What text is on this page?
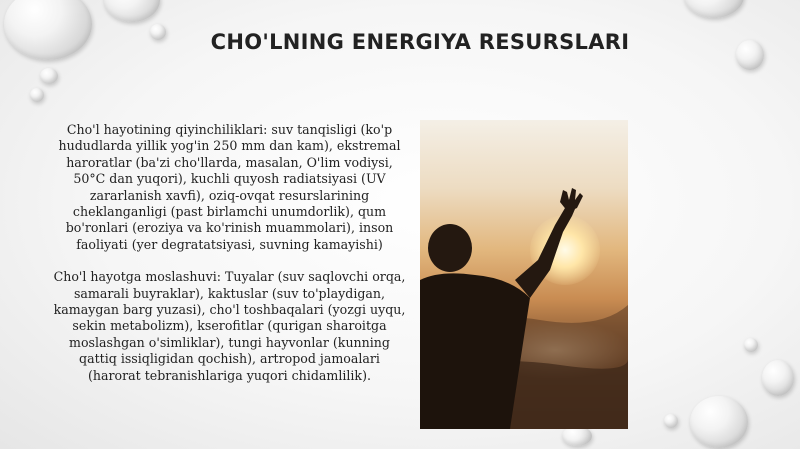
CHO'LNING ENERGIYA RESURSLARI

Cho'l hayotining qiyinchiliklari: suv tanqisligi (ko'p hududlarda yillik yog'in 250 mm dan kam), ekstremal haroratlar (ba'zi cho'llarda, masalan, O'lim vodiysi, 50°C dan yuqori), kuchli quyosh radiatsiyasi (UV zararlanish xavfi), oziq-ovqat resurslarining cheklanganligi (past birlamchi unumdorlik), qum bo'ronlari (eroziya va ko'rinish muammolari), inson faoliyati (yer degratatsiyasi, suvning kamayishi)

Cho'l hayotga moslashuvi: Tuyalar (suv saqlovchi orqa, samarali buyraklar), kaktuslar (suv to'playdigan, kamaygan barg yuzasi), cho'l toshbaqalari (yozgi uyqu, sekin metabolizm), kserofitlar (qurigan sharoitga moslashgan o'simliklar), tungi hayvonlar (kunning qattiq issiqligidan qochish), artropod jamoalari (harorat tebranishlariga yuqori chidamlilik).
